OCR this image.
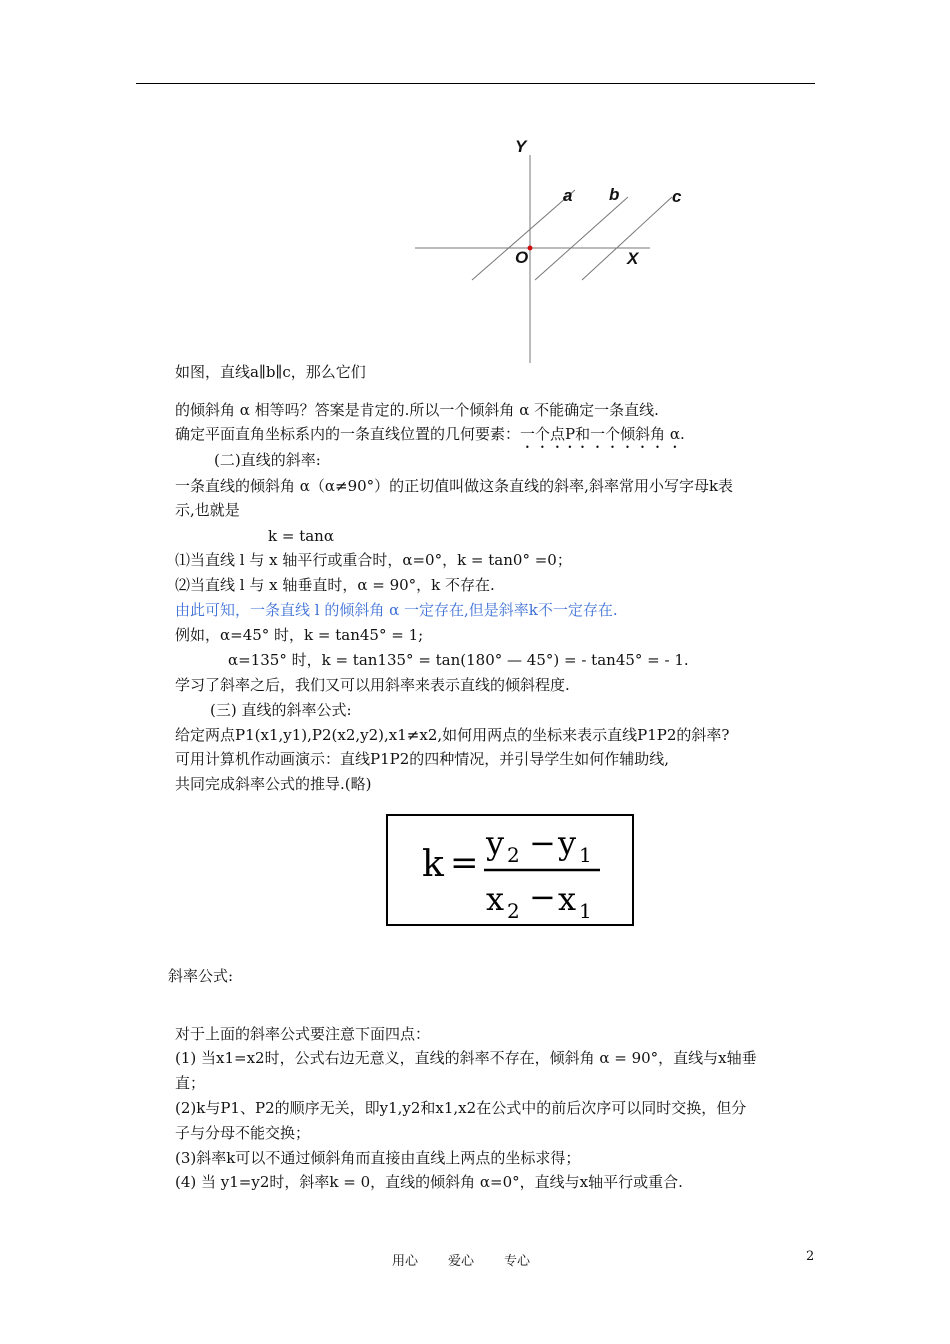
Y
a b	c
O	X
如图，直线a∥b∥c，那么它们
的倾斜角 α 相等吗？答案是肯定的.所以一个倾斜角 α 不能确定一条直线.
确定平面直角坐标系内的一条直线位置的几何要素：一个点P和一个倾斜角 α.
(二)直线的斜率:
一条直线的倾斜角 α（α≠90°）的正切值叫做这条直线的斜率,斜率常用小写字母k表
示,也就是
k = tanα
⑴当直线 l 与 x 轴平行或重合时，α=0°，k = tan0° =0；
⑵当直线 l 与 x 轴垂直时，α = 90°，k 不存在.
由此可知，一条直线 l 的倾斜角 α 一定存在,但是斜率k不一定存在.
例如，α=45° 时，k = tan45° = 1;
α=135° 时，k = tan135° = tan(180° — 45°) = - tan45° = - 1.
学习了斜率之后，我们又可以用斜率来表示直线的倾斜程度.
(三) 直线的斜率公式:
给定两点P1(x1,y1),P2(x2,y2),x1≠x2,如何用两点的坐标来表示直线P1P2的斜率?
可用计算机作动画演示：直线P1P2的四种情况，并引导学生如何作辅助线,
共同完成斜率公式的推导.(略)
k = y 2 − y 1
x 2 − x 1
斜率公式:
对于上面的斜率公式要注意下面四点：
(1) 当x1=x2时，公式右边无意义，直线的斜率不存在，倾斜角 α = 90°，直线与x轴垂
直；
(2)k与P1、P2的顺序无关，即y1,y2和x1,x2在公式中的前后次序可以同时交换，但分
子与分母不能交换；
(3)斜率k可以不通过倾斜角而直接由直线上两点的坐标求得；
(4) 当 y1=y2时，斜率k = 0，直线的倾斜角 α=0°，直线与x轴平行或重合.
用心 爱心 专心	2
